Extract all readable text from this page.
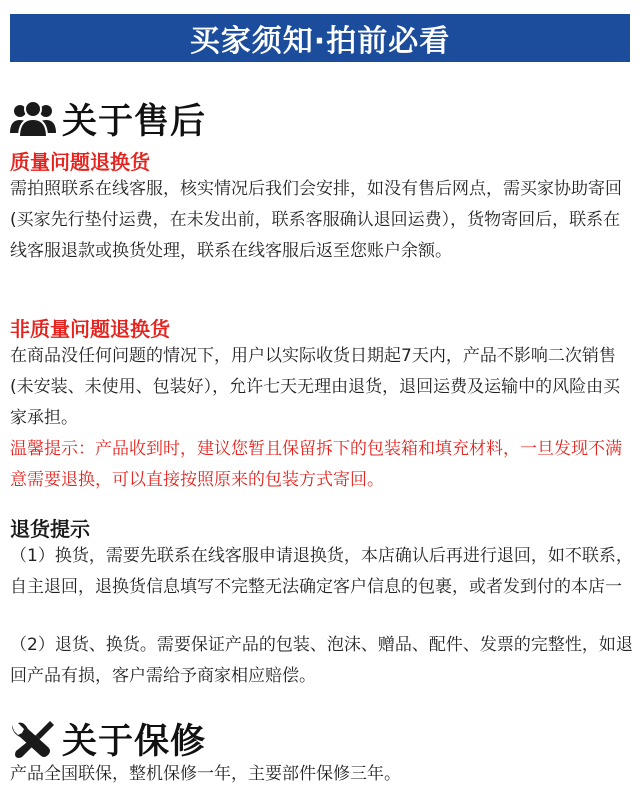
买家须知·拍前必看
关于售后
质量问题退换货

需拍照联系在线客服，核实情况后我们会安排，如没有售后网点，需买家协助寄回(买家先行垫付运费，在未发出前，联系客服确认退回运费），货物寄回后，联系在线客服退款或换货处理，联系在线客服后返至您账户余额。

非质量问题退换货

在商品没任何问题的情况下，用户以实际收货日期起7天内，产品不影响二次销售(未安装、未使用、包装好），允许七天无理由退货，退回运费及运输中的风险由买家承担。

温馨提示：产品收到时，建议您暂且保留拆下的包装箱和填充材料，一旦发现不满意需要退换，可以直接按照原来的包装方式寄回。

退货提示

（1）换货，需要先联系在线客服申请退换货，本店确认后再进行退回，如不联系，自主退回，退换货信息填写不完整无法确定客户信息的包裹，或者发到付的本店一

（2）退货、换货。需要保证产品的包装、泡沫、赠品、配件、发票的完整性，如退回产品有损，客户需给予商家相应赔偿。

关于保修

产品全国联保，整机保修一年，主要部件保修三年。
